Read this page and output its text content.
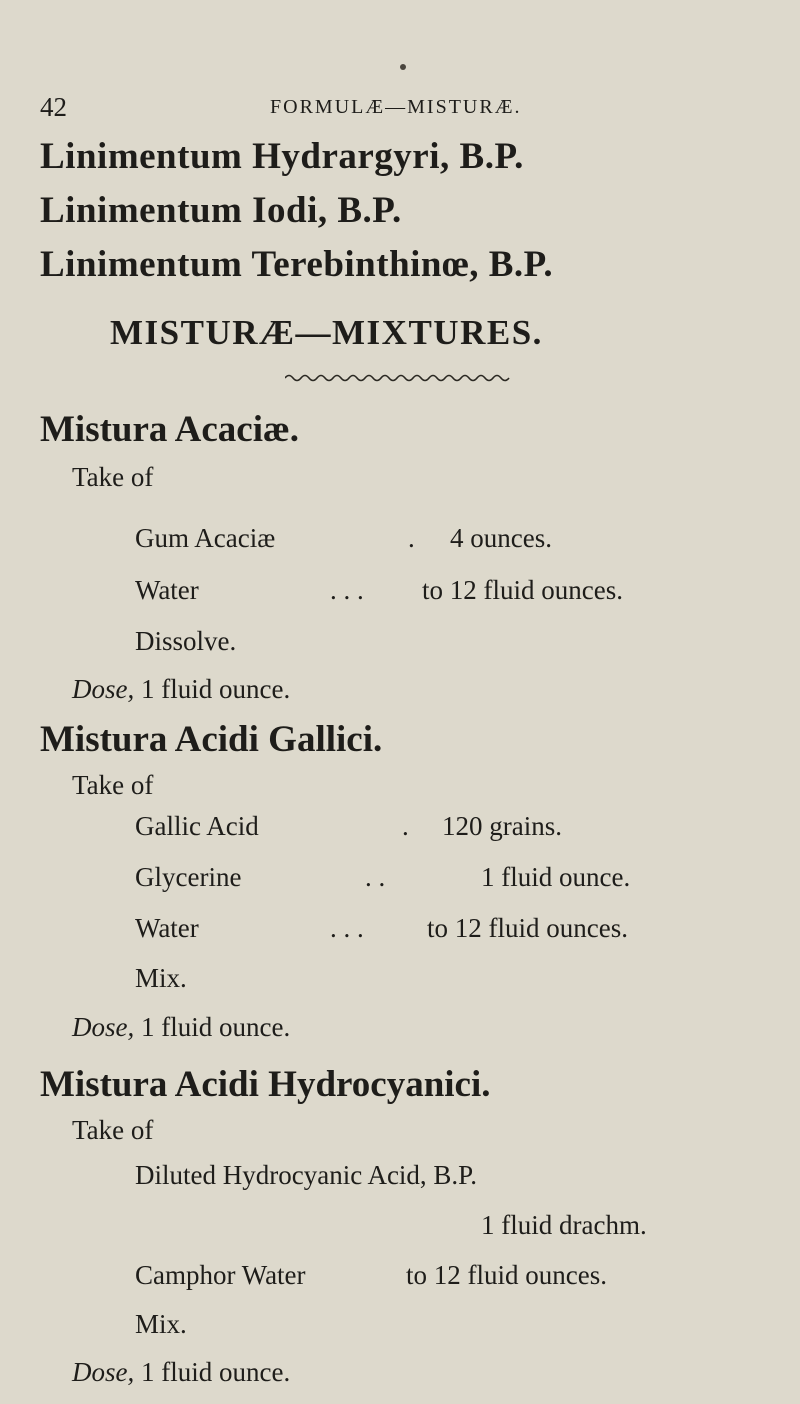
42	FORMULÆ—MISTURÆ.
Linimentum Hydrargyri, B.P.
Linimentum Iodi, B.P.
Linimentum Terebinthinœ, B.P.
MISTURÆ—MIXTURES.
Mistura Acaciæ.
Take of
Gum Acaciæ	. 4 ounces.
Water	. . . to 12 fluid ounces.
Dissolve.
Dose, 1 fluid ounce.
Mistura Acidi Gallici.
Take of
Gallic Acid	. 120 grains.
Glycerine	. .	1 fluid ounce.
Water	. . . to 12 fluid ounces.
Mix.
Dose, 1 fluid ounce.
Mistura Acidi Hydrocyanici.
Take of
Diluted Hydrocyanic Acid, B.P.
1 fluid drachm.
Camphor Water	to 12 fluid ounces.
Mix.
Dose, 1 fluid ounce.
